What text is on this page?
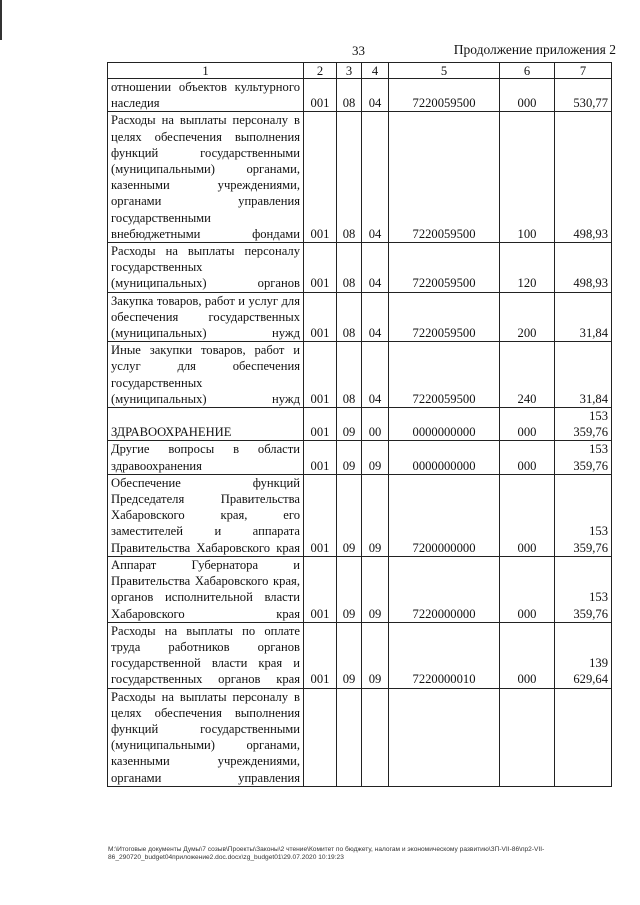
33	Продолжение приложения 2
1	2	3	4	5	6	7
отношении объектов культурного наследия	001	08	04	7220059500	000	530,77
Расходы на выплаты персоналу в целях обеспечения выполнения функций государственными (муниципальными) органами, казенными учреждениями, органами управления государственными внебюджетными фондами	001	08	04	7220059500	100	498,93
Расходы на выплаты персоналу государственных (муниципальных) органов	001	08	04	7220059500	120	498,93
Закупка товаров, работ и услуг для обеспечения государственных (муниципальных) нужд	001	08	04	7220059500	200	31,84
Иные закупки товаров, работ и услуг для обеспечения государственных (муниципальных) нужд	001	08	04	7220059500	240	31,84
ЗДРАВООХРАНЕНИЕ	001	09	00	0000000000	000	153 359,76
Другие вопросы в области здравоохранения	001	09	09	0000000000	000	153 359,76
Обеспечение функций Председателя Правительства Хабаровского края, его заместителей и аппарата Правительства Хабаровского края	001	09	09	7200000000	000	153 359,76
Аппарат Губернатора и Правительства Хабаровского края, органов исполнительной власти Хабаровского края	001	09	09	7220000000	000	153 359,76
Расходы на выплаты по оплате труда работников органов государственной власти края и государственных органов края	001	09	09	7220000010	000	139 629,64
Расходы на выплаты персоналу в целях обеспечения выполнения функций государственными (муниципальными) органами, казенными учреждениями, органами управления						
M:\Итоговые документы Думы\7 созыв\Проекты\Законы\2 чтение\Комитет по бюджету, налогам и экономическому развитию\ЗП-VII-86\пр2-VII-86_290720_budget04приложение2.doc.docx\zg_budget01\29.07.2020 10:19:23
